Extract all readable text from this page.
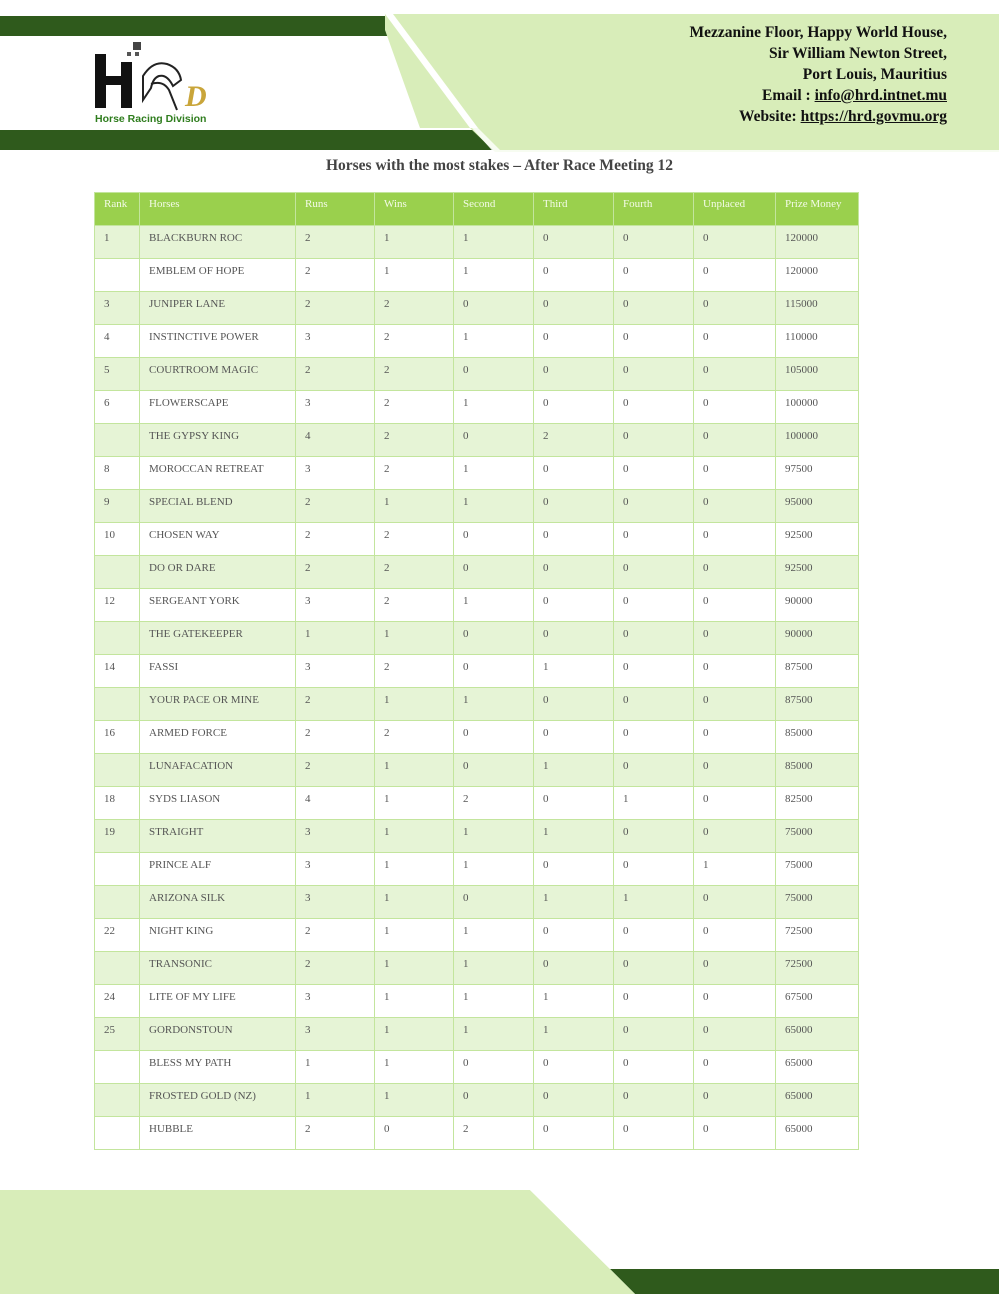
D
Horse Racing Division
Mezzanine Floor, Happy World House,
Sir William Newton Street,
Port Louis, Mauritius
Email : info@hrd.intnet.mu
Website: https://hrd.govmu.org
Horses with the most stakes – After Race Meeting 12
Rank	Horses	Runs	Wins	Second	Third	Fourth	Unplaced	Prize Money
1	BLACKBURN ROC	2	1	1	0	0	0	120000
	EMBLEM OF HOPE	2	1	1	0	0	0	120000
3	JUNIPER LANE	2	2	0	0	0	0	115000
4	INSTINCTIVE POWER	3	2	1	0	0	0	110000
5	COURTROOM MAGIC	2	2	0	0	0	0	105000
6	FLOWERSCAPE	3	2	1	0	0	0	100000
	THE GYPSY KING	4	2	0	2	0	0	100000
8	MOROCCAN RETREAT	3	2	1	0	0	0	97500
9	SPECIAL BLEND	2	1	1	0	0	0	95000
10	CHOSEN WAY	2	2	0	0	0	0	92500
	DO OR DARE	2	2	0	0	0	0	92500
12	SERGEANT YORK	3	2	1	0	0	0	90000
	THE GATEKEEPER	1	1	0	0	0	0	90000
14	FASSI	3	2	0	1	0	0	87500
	YOUR PACE OR MINE	2	1	1	0	0	0	87500
16	ARMED FORCE	2	2	0	0	0	0	85000
	LUNAFACATION	2	1	0	1	0	0	85000
18	SYDS LIASON	4	1	2	0	1	0	82500
19	STRAIGHT	3	1	1	1	0	0	75000
	PRINCE ALF	3	1	1	0	0	1	75000
	ARIZONA SILK	3	1	0	1	1	0	75000
22	NIGHT KING	2	1	1	0	0	0	72500
	TRANSONIC	2	1	1	0	0	0	72500
24	LITE OF MY LIFE	3	1	1	1	0	0	67500
25	GORDONSTOUN	3	1	1	1	0	0	65000
	BLESS MY PATH	1	1	0	0	0	0	65000
	FROSTED GOLD (NZ)	1	1	0	0	0	0	65000
	HUBBLE	2	0	2	0	0	0	65000
